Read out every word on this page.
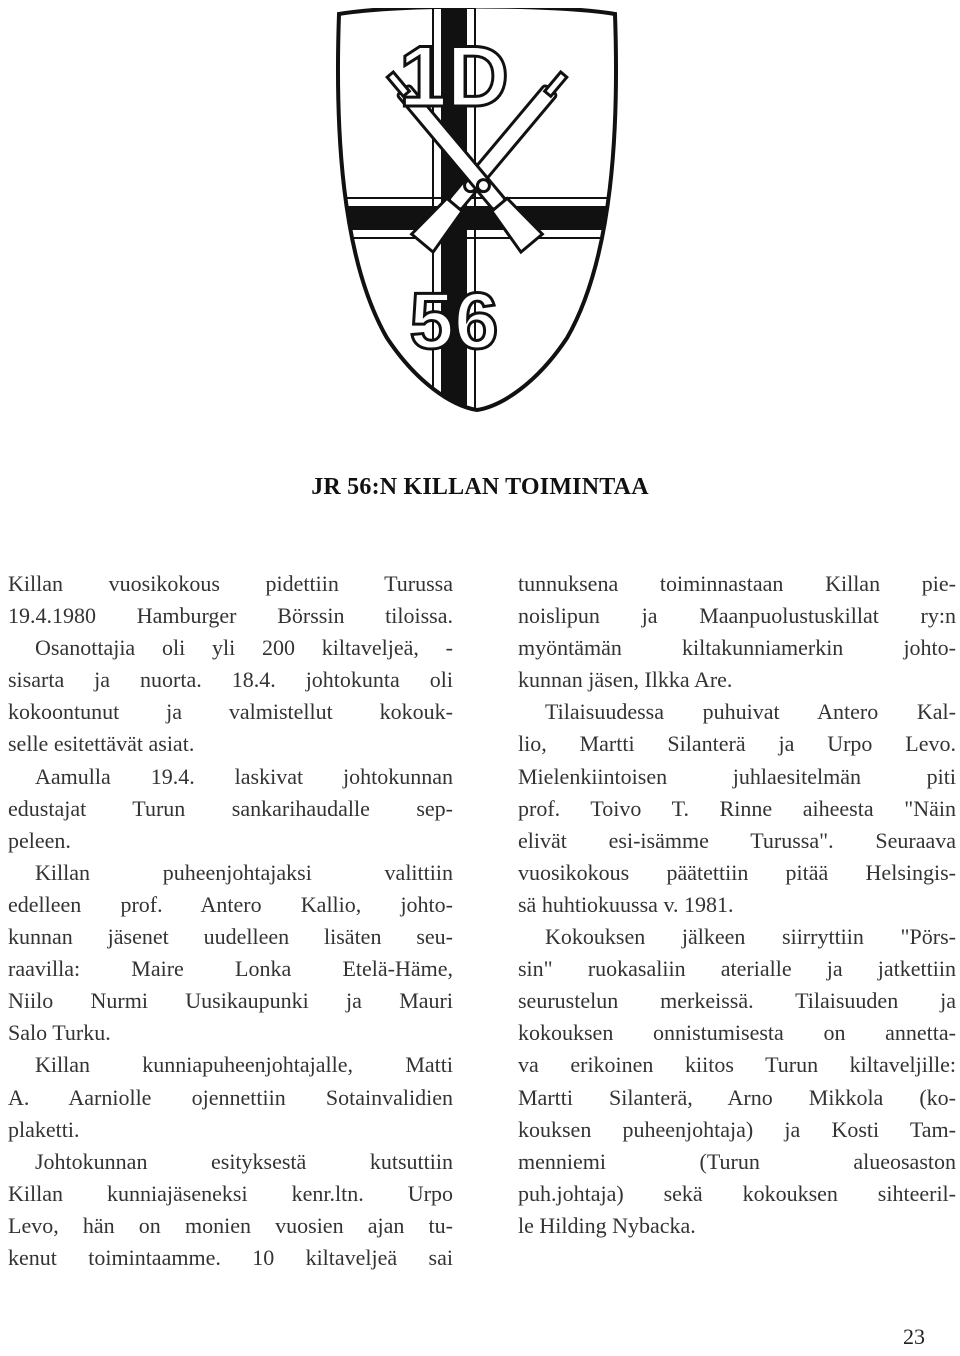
1D
56
JR 56:N KILLAN TOIMINTAA
Killan vuosikokous pidettiin Turussa
19.4.1980 Hamburger Börssin tiloissa.
Osanottajia oli yli 200 kiltaveljeä, -
sisarta ja nuorta. 18.4. johtokunta oli
kokoontunut ja valmistellut kokouk-
selle esitettävät asiat.
Aamulla 19.4. laskivat johtokunnan
edustajat Turun sankarihaudalle sep-
peleen.
Killan puheenjohtajaksi valittiin
edelleen prof. Antero Kallio, johto-
kunnan jäsenet uudelleen lisäten seu-
raavilla: Maire Lonka Etelä-Häme,
Niilo Nurmi Uusikaupunki ja Mauri
Salo Turku.
Killan kunniapuheenjohtajalle, Matti
A. Aarniolle ojennettiin Sotainvalidien
plaketti.
Johtokunnan esityksestä kutsuttiin
Killan kunniajäseneksi kenr.ltn. Urpo
Levo, hän on monien vuosien ajan tu-
kenut toimintaamme. 10 kiltaveljeä sai
tunnuksena toiminnastaan Killan pie-
noislipun ja Maanpuolustuskillat ry:n
myöntämän kiltakunniamerkin johto-
kunnan jäsen, Ilkka Are.
Tilaisuudessa puhuivat Antero Kal-
lio, Martti Silanterä ja Urpo Levo.
Mielenkiintoisen juhlaesitelmän piti
prof. Toivo T. Rinne aiheesta "Näin
elivät esi-isämme Turussa". Seuraava
vuosikokous päätettiin pitää Helsingis-
sä huhtiokuussa v. 1981.
Kokouksen jälkeen siirryttiin "Pörs-
sin" ruokasaliin aterialle ja jatkettiin
seurustelun merkeissä. Tilaisuuden ja
kokouksen onnistumisesta on annetta-
va erikoinen kiitos Turun kiltaveljille:
Martti Silanterä, Arno Mikkola (ko-
kouksen puheenjohtaja) ja Kosti Tam-
menniemi (Turun alueosaston
puh.johtaja) sekä kokouksen sihteeril-
le Hilding Nybacka.
23
